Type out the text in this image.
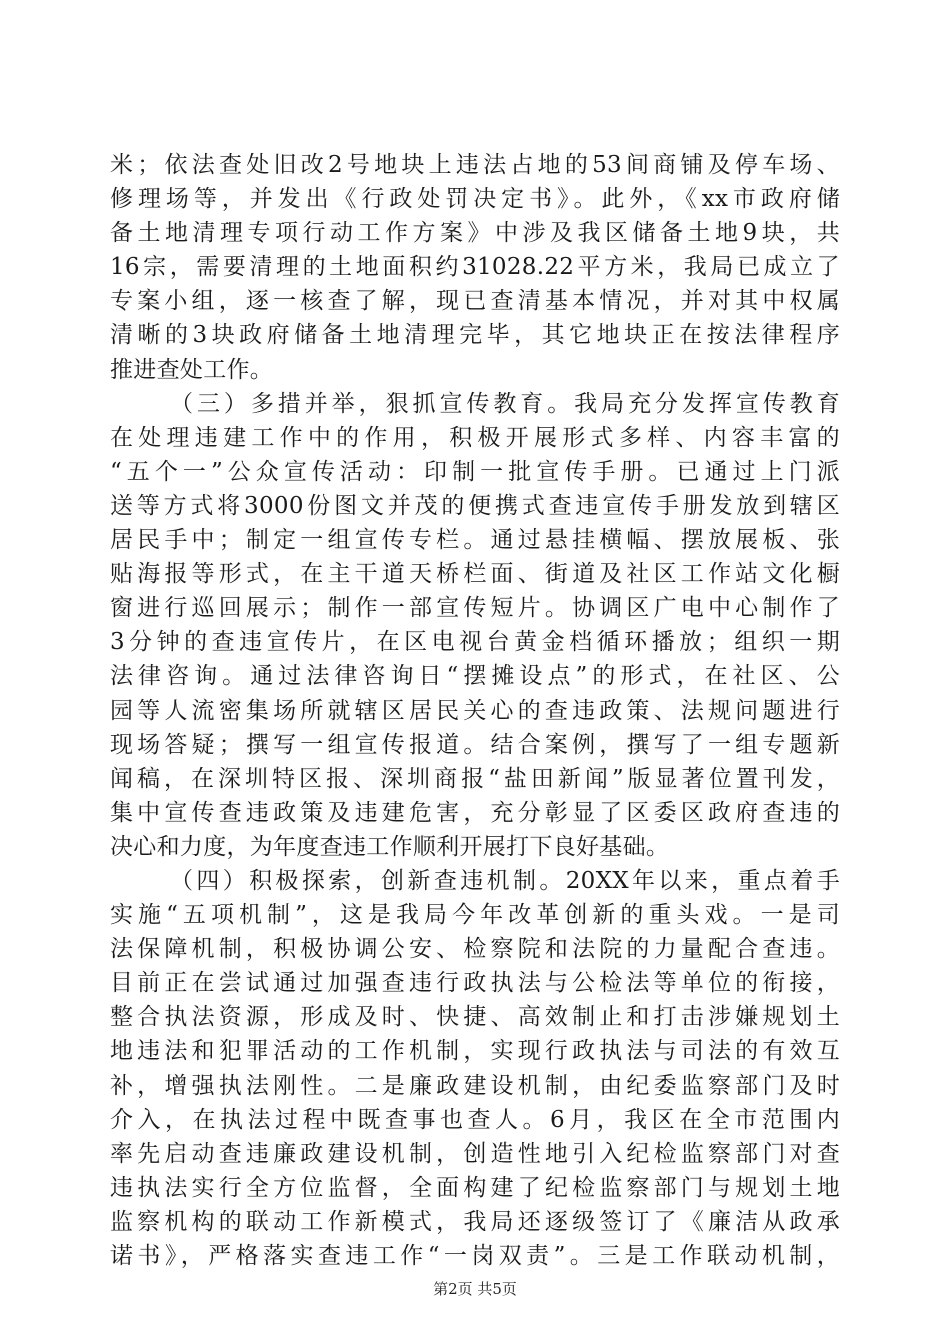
米；依法查处旧改2号地块上违法占地的53间商铺及停车场、
修理场等，并发出《行政处罚决定书》。此外，《xx市政府储
备土地清理专项行动工作方案》中涉及我区储备土地9块，共
16宗，需要清理的土地面积约31028.22平方米，我局已成立了
专案小组，逐一核查了解，现已查清基本情况，并对其中权属
清晰的3块政府储备土地清理完毕，其它地块正在按法律程序
推进查处工作。
（三）多措并举，狠抓宣传教育。我局充分发挥宣传教育
在处理违建工作中的作用，积极开展形式多样、内容丰富的
“五个一”公众宣传活动：印制一批宣传手册。已通过上门派
送等方式将3000份图文并茂的便携式查违宣传手册发放到辖区
居民手中；制定一组宣传专栏。通过悬挂横幅、摆放展板、张
贴海报等形式，在主干道天桥栏面、街道及社区工作站文化橱
窗进行巡回展示；制作一部宣传短片。协调区广电中心制作了
3分钟的查违宣传片，在区电视台黄金档循环播放；组织一期
法律咨询。通过法律咨询日“摆摊设点”的形式，在社区、公
园等人流密集场所就辖区居民关心的查违政策、法规问题进行
现场答疑；撰写一组宣传报道。结合案例，撰写了一组专题新
闻稿，在深圳特区报、深圳商报“盐田新闻”版显著位置刊发，
集中宣传查违政策及违建危害，充分彰显了区委区政府查违的
决心和力度，为年度查违工作顺利开展打下良好基础。
（四）积极探索，创新查违机制。20XX年以来，重点着手
实施“五项机制”，这是我局今年改革创新的重头戏。一是司
法保障机制，积极协调公安、检察院和法院的力量配合查违。
目前正在尝试通过加强查违行政执法与公检法等单位的衔接，
整合执法资源，形成及时、快捷、高效制止和打击涉嫌规划土
地违法和犯罪活动的工作机制，实现行政执法与司法的有效互
补，增强执法刚性。二是廉政建设机制，由纪委监察部门及时
介入，在执法过程中既查事也查人。6月，我区在全市范围内
率先启动查违廉政建设机制，创造性地引入纪检监察部门对查
违执法实行全方位监督，全面构建了纪检监察部门与规划土地
监察机构的联动工作新模式，我局还逐级签订了《廉洁从政承
诺书》，严格落实查违工作“一岗双责”。三是工作联动机制，
第2页 共5页
